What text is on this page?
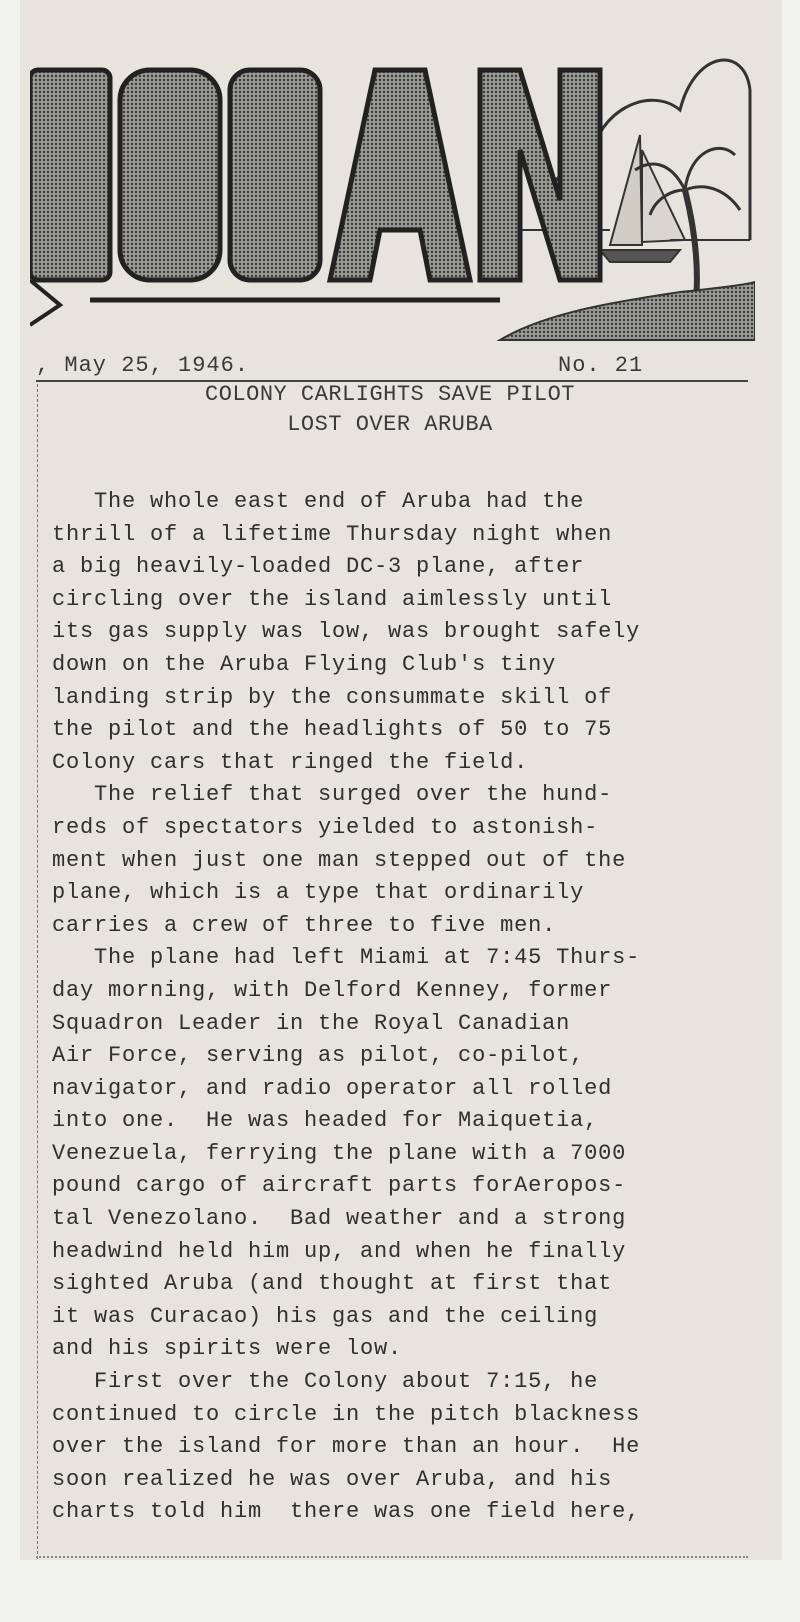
, May 25, 1946.	No. 21
COLONY CARLIGHTS SAVE PILOT
LOST OVER ARUBA
The whole east end of Aruba had the
thrill of a lifetime Thursday night when
a big heavily-loaded DC-3 plane, after
circling over the island aimlessly until
its gas supply was low, was brought safely
down on the Aruba Flying Club's tiny
landing strip by the consummate skill of
the pilot and the headlights of 50 to 75
Colony cars that ringed the field.
The relief that surged over the hund-
reds of spectators yielded to astonish-
ment when just one man stepped out of the
plane, which is a type that ordinarily
carries a crew of three to five men.
The plane had left Miami at 7:45 Thurs-
day morning, with Delford Kenney, former
Squadron Leader in the Royal Canadian
Air Force, serving as pilot, co-pilot,
navigator, and radio operator all rolled
into one.  He was headed for Maiquetia,
Venezuela, ferrying the plane with a 7000
pound cargo of aircraft parts forAeropos-
tal Venezolano.  Bad weather and a strong
headwind held him up, and when he finally
sighted Aruba (and thought at first that
it was Curacao) his gas and the ceiling
and his spirits were low.
First over the Colony about 7:15, he
continued to circle in the pitch blackness
over the island for more than an hour.  He
soon realized he was over Aruba, and his
charts told him  there was one field here,
